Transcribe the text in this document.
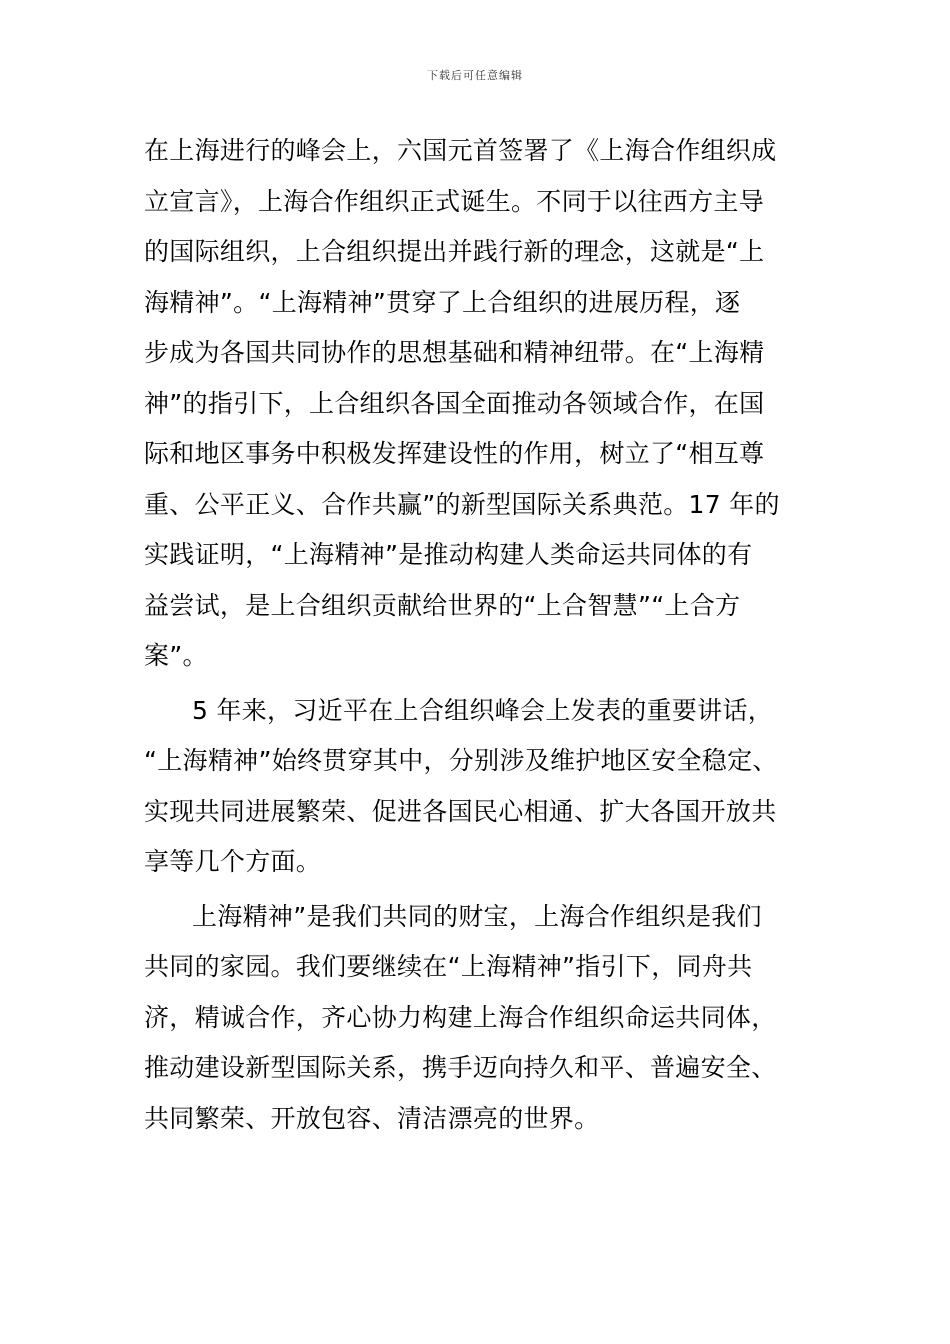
下载后可任意编辑
在上海进行的峰会上，六国元首签署了《上海合作组织成
立宣言》，上海合作组织正式诞生。不同于以往西方主导
的国际组织，上合组织提出并践行新的理念，这就是“上
海精神”。“上海精神”贯穿了上合组织的进展历程，逐
步成为各国共同协作的思想基础和精神纽带。在“上海精
神”的指引下，上合组织各国全面推动各领域合作，在国
际和地区事务中积极发挥建设性的作用，树立了“相互尊
重、公平正义、合作共赢”的新型国际关系典范。17 年的
实践证明，“上海精神”是推动构建人类命运共同体的有
益尝试，是上合组织贡献给世界的“上合智慧”“上合方
案”。
5 年来，习近平在上合组织峰会上发表的重要讲话，
“上海精神”始终贯穿其中，分别涉及维护地区安全稳定、
实现共同进展繁荣、促进各国民心相通、扩大各国开放共
享等几个方面。
上海精神”是我们共同的财宝，上海合作组织是我们
共同的家园。我们要继续在“上海精神”指引下，同舟共
济，精诚合作，齐心协力构建上海合作组织命运共同体，
推动建设新型国际关系，携手迈向持久和平、普遍安全、
共同繁荣、开放包容、清洁漂亮的世界。
